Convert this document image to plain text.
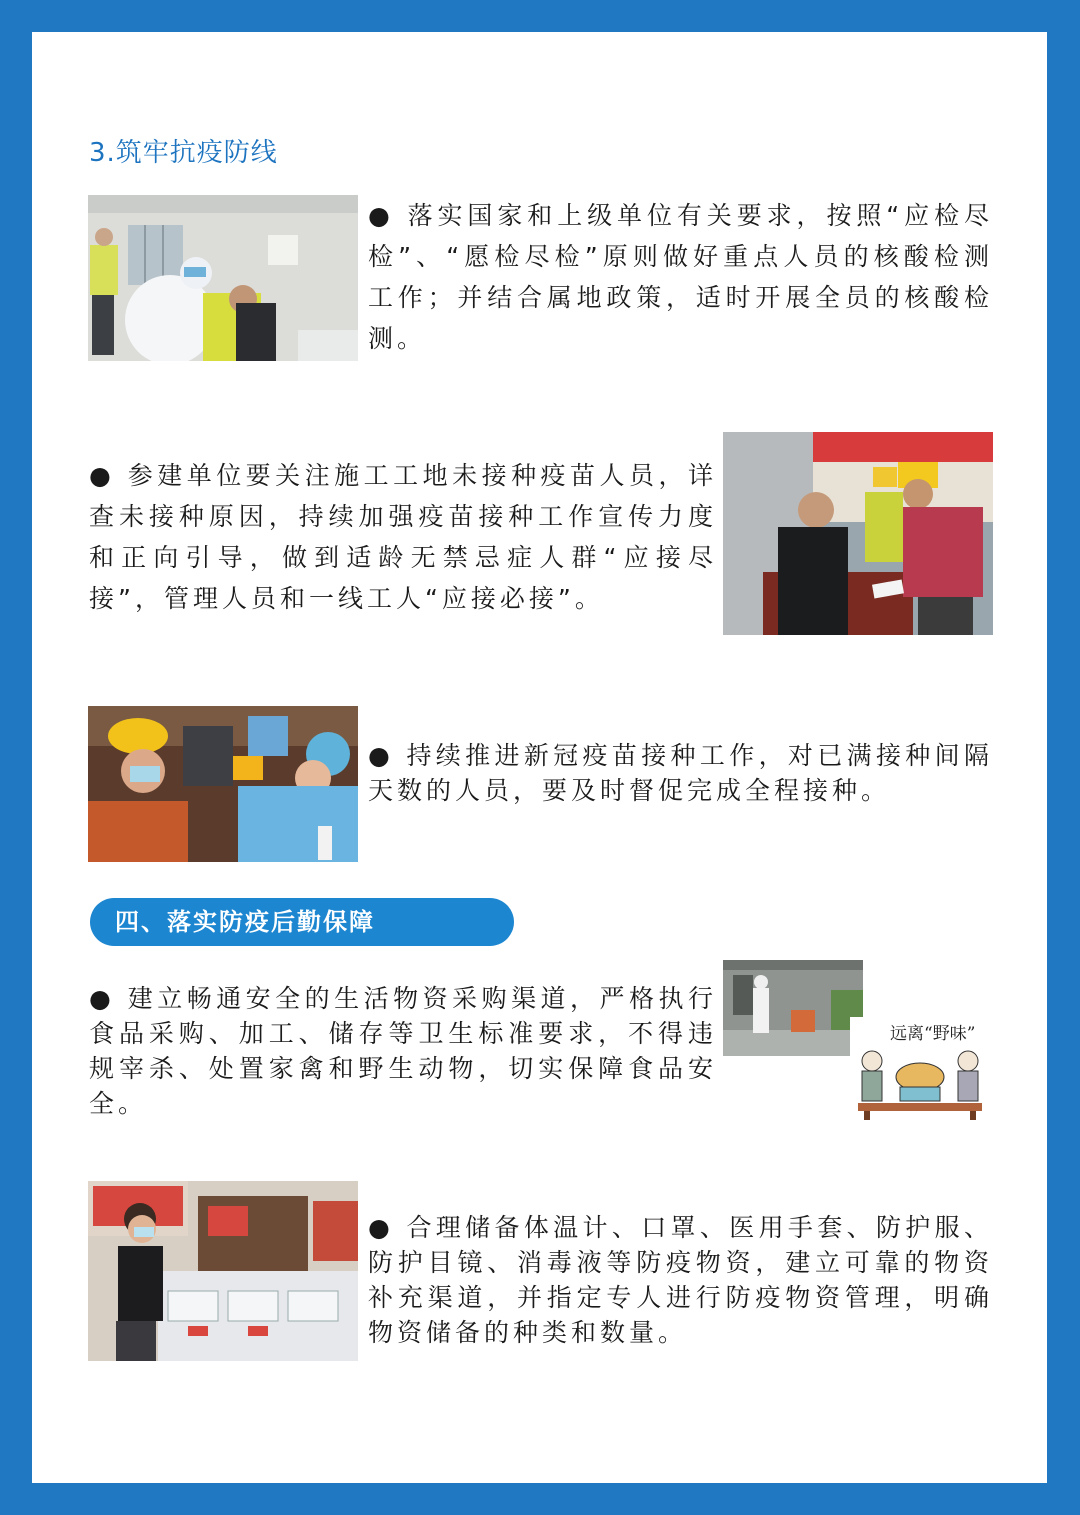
3.筑牢抗疫防线

● 落实国家和上级单位有关要求，按照“应检尽检”、“愿检尽检”原则做好重点人员的核酸检测工作；并结合属地政策，适时开展全员的核酸检测。

● 参建单位要关注施工工地未接种疫苗人员，详查未接种原因，持续加强疫苗接种工作宣传力度和正向引导，做到适龄无禁忌症人群“应接尽接”，管理人员和一线工人“应接必接”。

● 持续推进新冠疫苗接种工作，对已满接种间隔天数的人员，要及时督促完成全程接种。

四、落实防疫后勤保障

● 建立畅通安全的生活物资采购渠道，严格执行食品采购、加工、储存等卫生标准要求，不得违规宰杀、处置家禽和野生动物，切实保障食品安全。

远离“野味”

● 合理储备体温计、口罩、医用手套、防护服、防护目镜、消毒液等防疫物资，建立可靠的物资补充渠道，并指定专人进行防疫物资管理，明确物资储备的种类和数量。
